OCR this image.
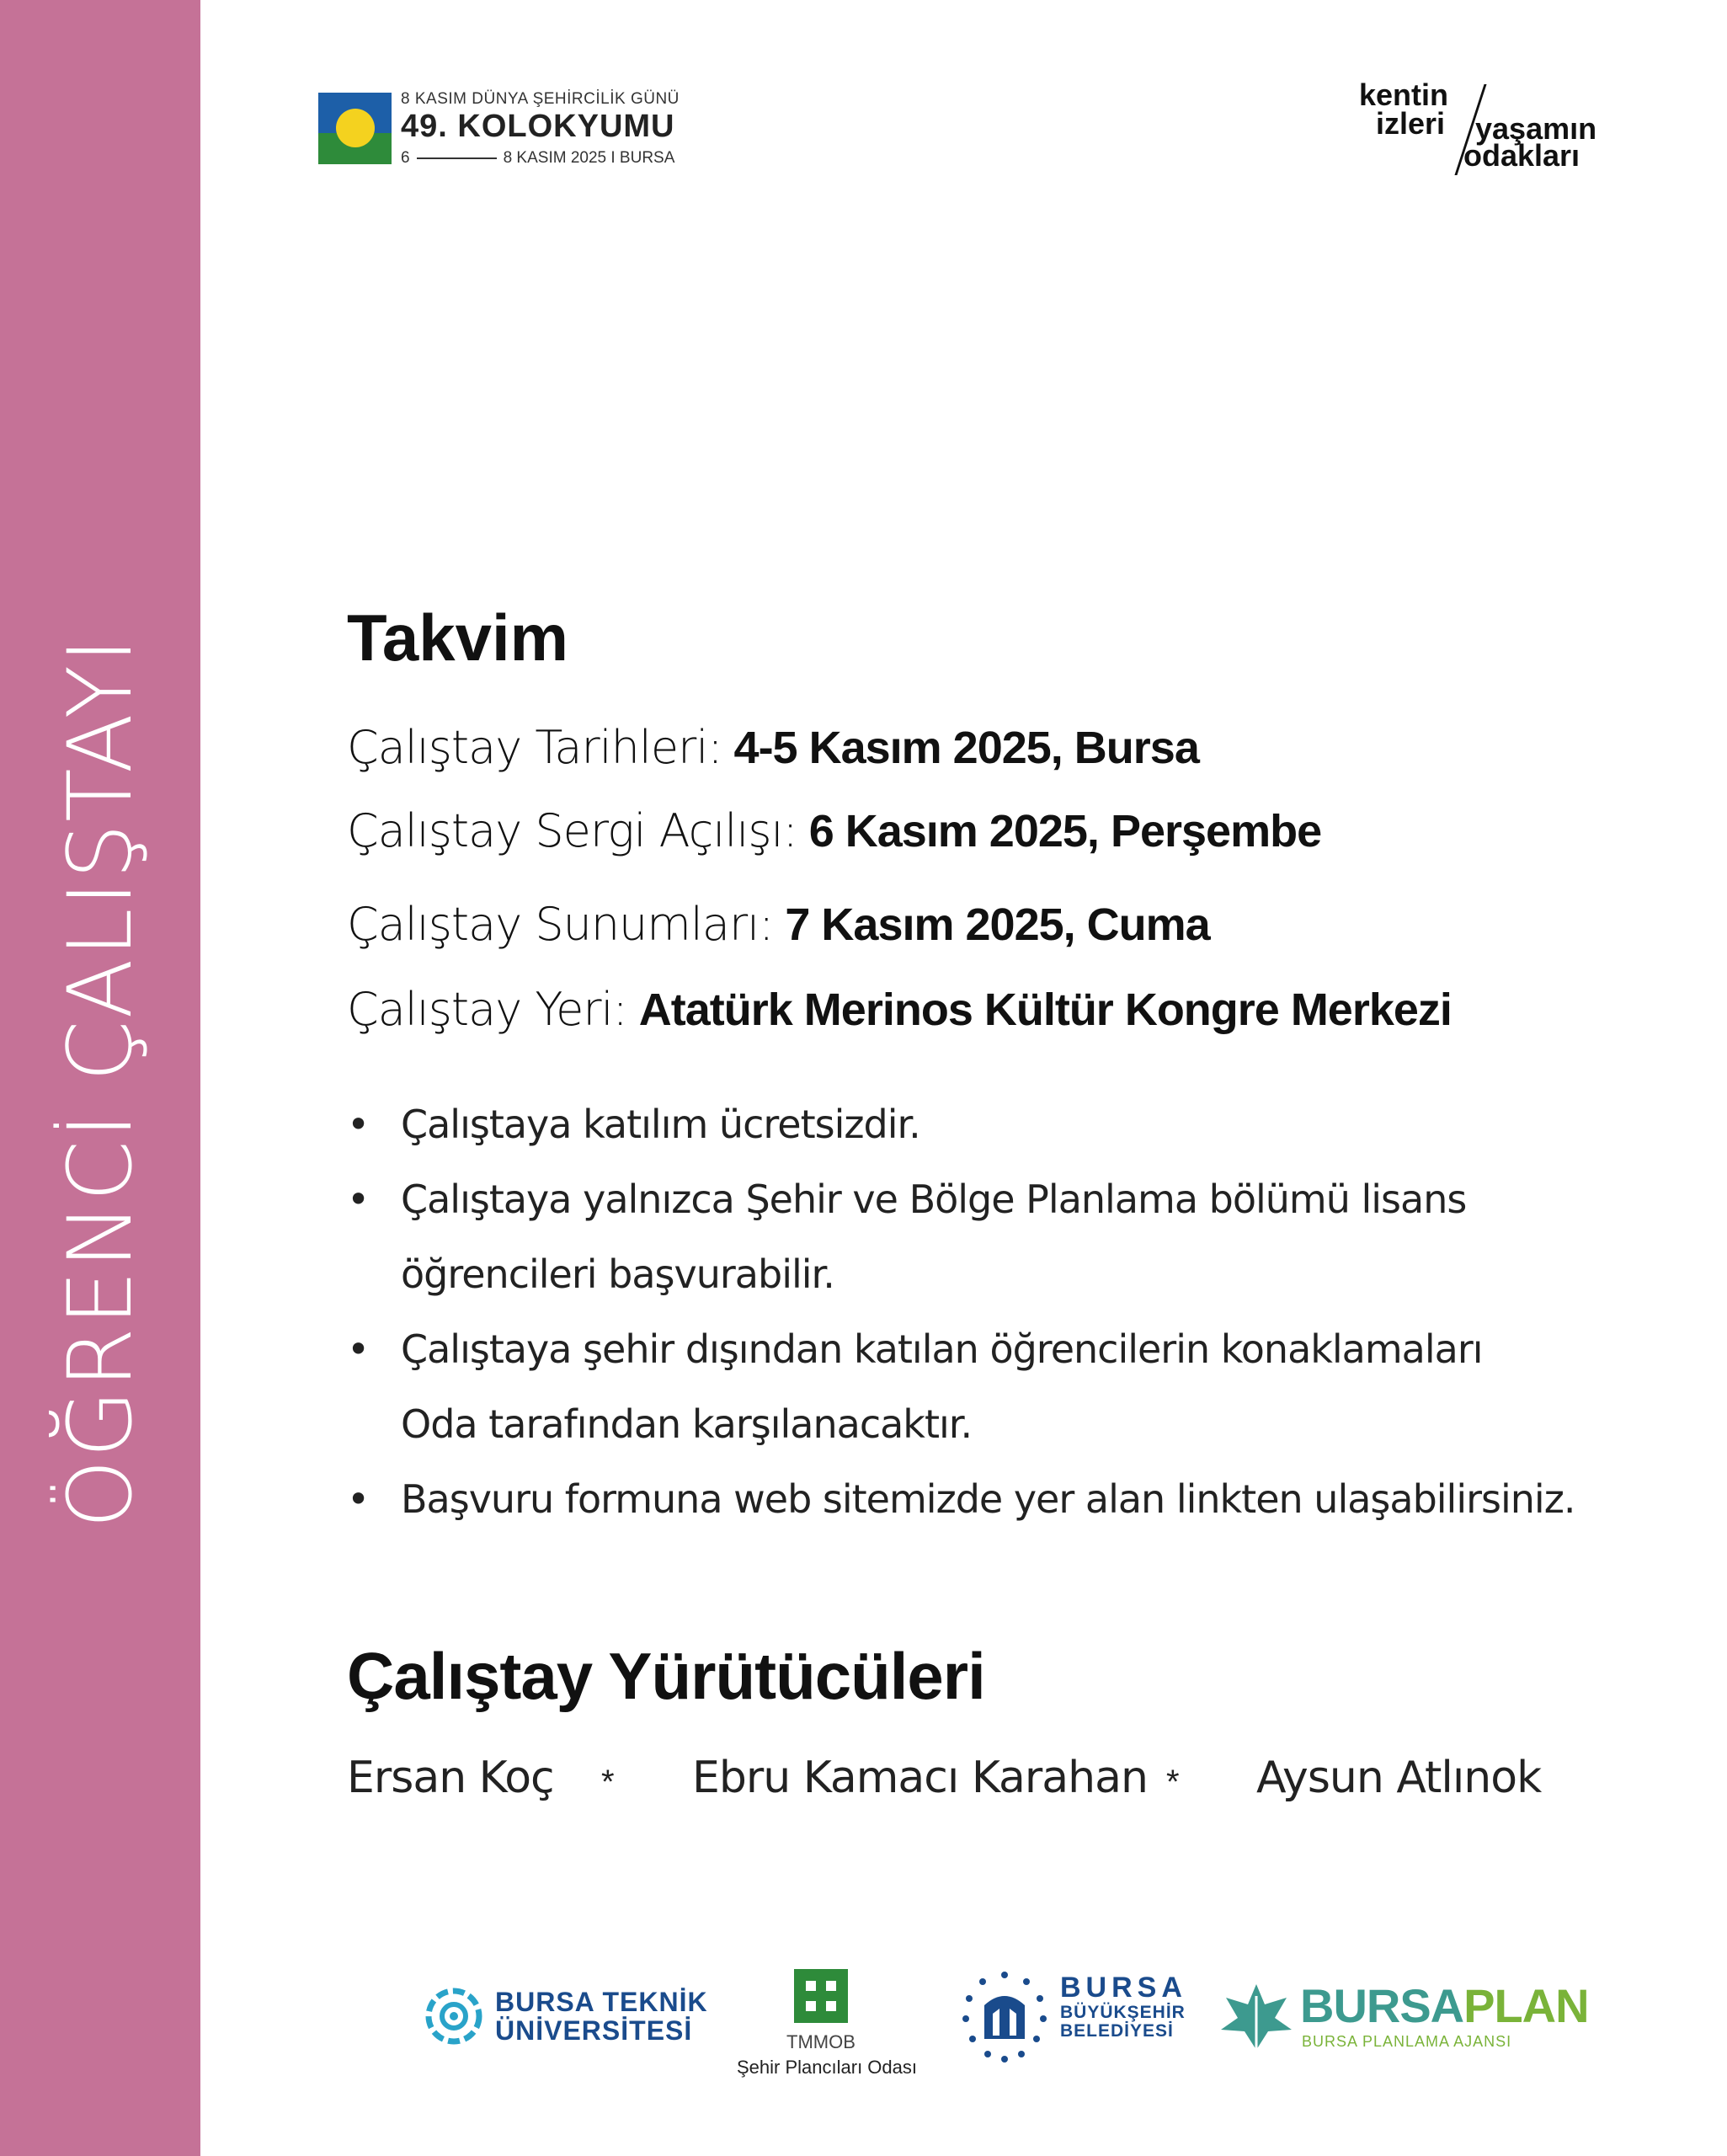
ÖĞRENCİ ÇALIŞTAYI
8 KASIM DÜNYA ŞEHİRCİLİK GÜNÜ
49. KOLOKYUMU
6	8 KASIM 2025 I BURSA
kentin
izleri yaşamın
odakları
Takvim
Çalıştay Tarihleri: 4-5 Kasım 2025, Bursa
Çalıştay Sergi Açılışı: 6 Kasım 2025, Perşembe
Çalıştay Sunumları: 7 Kasım 2025, Cuma
Çalıştay Yeri: Atatürk Merinos Kültür Kongre Merkezi
• Çalıştaya katılım ücretsizdir.
• Çalıştaya yalnızca Şehir ve Bölge Planlama bölümü lisans
öğrencileri başvurabilir.
• Çalıştaya şehir dışından katılan öğrencilerin konaklamaları
Oda tarafından karşılanacaktır.
• Başvuru formuna web sitemizde yer alan linkten ulaşabilirsiniz.
Çalıştay Yürütücüleri
Ersan Koç * Ebru Kamacı Karahan * Aysun Atlınok
BURSA TEKNİK
ÜNİVERSİTESİ	TMMOB
Şehir Plancıları Odası
BURSA
BÜYÜKŞEHİR
BELEDİYESİ	BURSAPLAN
BURSA PLANLAMA AJANSI
